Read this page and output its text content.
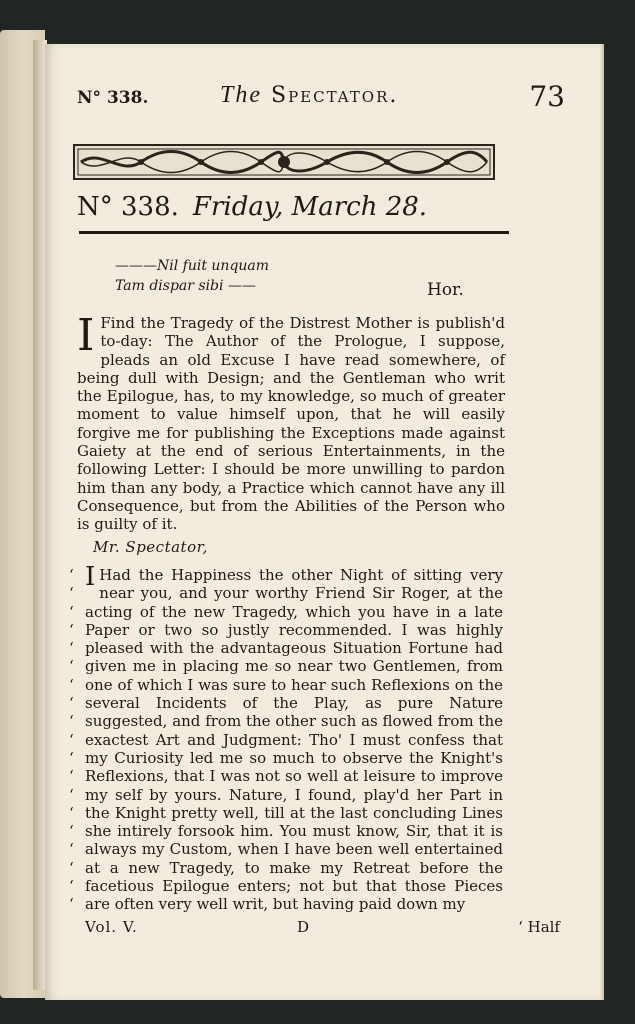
N° 338.	The Spectator.	73
N° 338. Friday, March 28.
———Nil fuit unquam
Tam dispar sibi ——	Hor.
I Find the Tragedy of the Distrest Mother is publish'd to-day: The Author of the Prologue, I suppose, pleads an old Excuse I have read somewhere, of being dull with Design; and the Gentleman who writ the Epilogue, has, to my knowledge, so much of greater moment to value himself upon, that he will easily forgive me for publishing the Exceptions made against Gaiety at the end of serious Entertainments, in the following Letter: I should be more unwilling to pardon him than any body, a Practice which cannot have any ill Consequence, but from the Abilities of the Person who is guilty of it.
Mr. Spectator,
‘
‘
‘
‘
‘
‘
‘
‘
‘
‘
‘
‘
‘
‘
‘
‘
‘
‘
‘
I Had the Happiness the other Night of sitting very near you, and your worthy Friend Sir Roger, at the acting of the new Tragedy, which you have in a late Paper or two so justly recommended. I was highly pleased with the advantageous Situation Fortune had given me in placing me so near two Gentlemen, from one of which I was sure to hear such Reflexions on the several Incidents of the Play, as pure Nature suggested, and from the other such as flowed from the exactest Art and Judgment: Tho' I must confess that my Curiosity led me so much to observe the Knight's Reflexions, that I was not so well at leisure to improve my self by yours. Nature, I found, play'd her Part in the Knight pretty well, till at the last concluding Lines she intirely forsook him. You must know, Sir, that it is always my Custom, when I have been well entertained at a new Tragedy, to make my Retreat before the facetious Epilogue enters; not but that those Pieces are often very well writ, but having paid down my
Vol. V.	D	‘ Half
